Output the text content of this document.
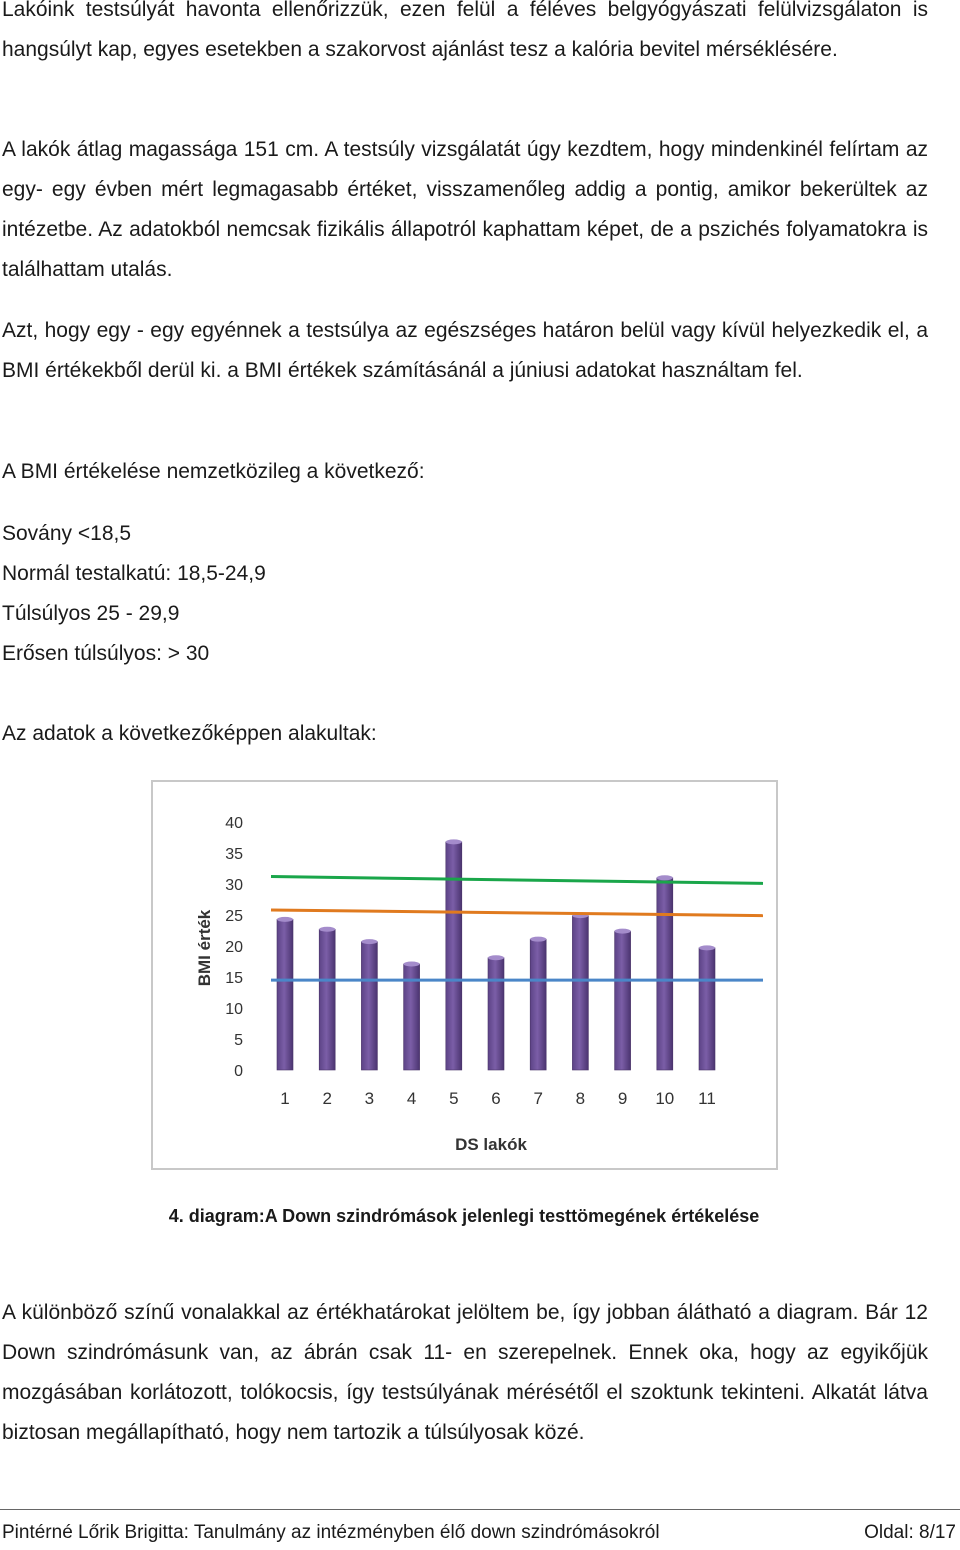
Lakóink testsúlyát havonta ellenőrizzük, ezen felül a féléves belgyógyászati felülvizsgálaton is hangsúlyt kap, egyes esetekben a szakorvost ajánlást tesz a kalória bevitel mérséklésére.

A lakók átlag magassága 151 cm. A testsúly vizsgálatát úgy kezdtem, hogy mindenkinél felírtam az egy- egy évben mért legmagasabb értéket, visszamenőleg addig a pontig, amikor bekerültek az intézetbe. Az adatokból nemcsak fizikális állapotról kaphattam képet, de a pszichés folyamatokra is találhattam utalás.

Azt, hogy egy - egy egyénnek a testsúlya az egészséges határon belül vagy kívül helyezkedik el, a BMI értékekből derül ki. a BMI értékek számításánál a júniusi adatokat használtam fel.

A BMI értékelése nemzetközileg a következő:

Sovány <18,5

Normál testalkatú: 18,5-24,9

Túlsúlyos 25 - 29,9

Erősen túlsúlyos: > 30

Az adatok a következőképpen alakultak:

0
5
10
15
20
25
30
35
40
1 2 3 4 5 6 7 8 9 10 11
BMI érték
DS lakók

4. diagram:A Down szindrómások jelenlegi testtömegének értékelése

A különböző színű vonalakkal az értékhatárokat jelöltem be, így jobban álátható a diagram. Bár 12 Down szindrómásunk van, az ábrán csak 11- en szerepelnek. Ennek oka, hogy az egyikőjük mozgásában korlátozott, tolókocsis, így testsúlyának mérésétől el szoktunk tekinteni. Alkatát látva biztosan megállapítható, hogy nem tartozik a túlsúlyosak közé.

Pintérné Lőrik Brigitta: Tanulmány az intézményben élő down szindrómásokról	Oldal: 8/17
